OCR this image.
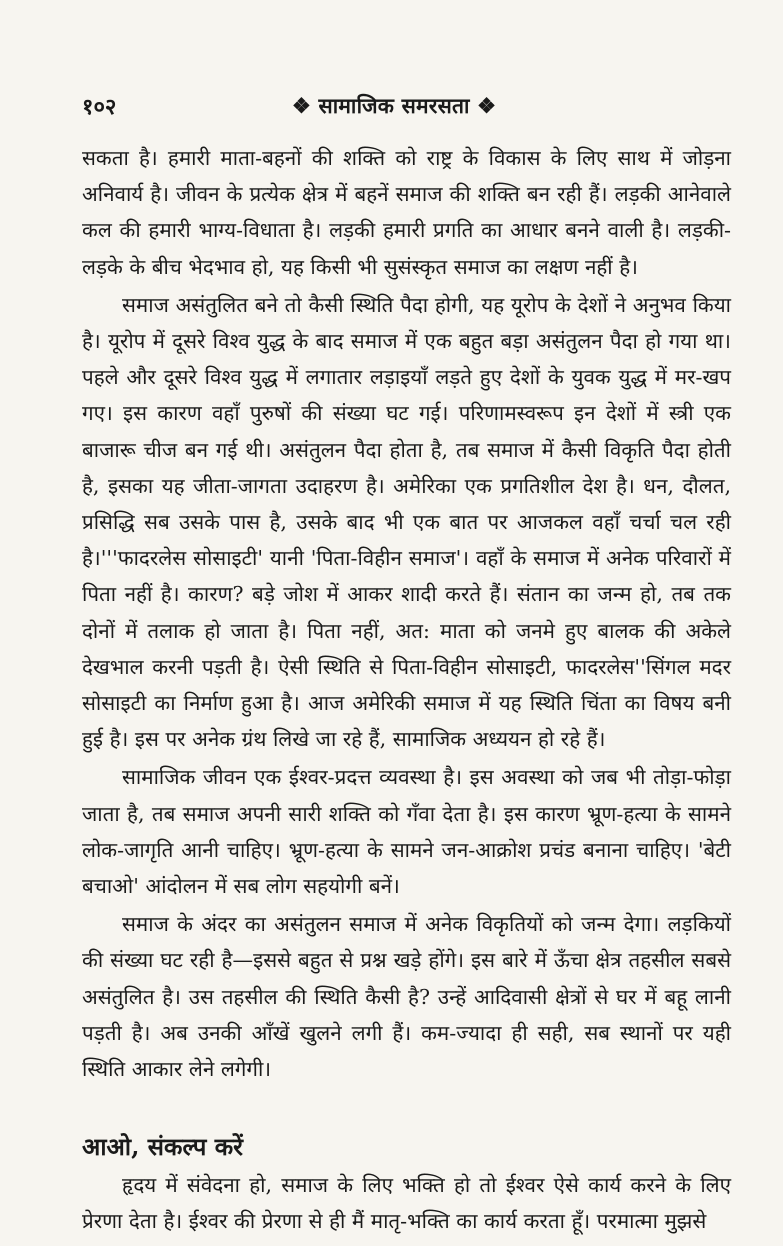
१०२	❖ सामाजिक समरसता ❖

सकता है। हमारी माता-बहनों की शक्ति को राष्ट्र के विकास के लिए साथ में जोड़ना अनिवार्य है। जीवन के प्रत्येक क्षेत्र में बहनें समाज की शक्ति बन रही हैं। लड़की आनेवाले कल की हमारी भाग्य-विधाता है। लड़की हमारी प्रगति का आधार बनने वाली है। लड़की-लड़के के बीच भेदभाव हो, यह किसी भी सुसंस्कृत समाज का लक्षण नहीं है।

समाज असंतुलित बने तो कैसी स्थिति पैदा होगी, यह यूरोप के देशों ने अनुभव किया है। यूरोप में दूसरे विश्व युद्ध के बाद समाज में एक बहुत बड़ा असंतुलन पैदा हो गया था। पहले और दूसरे विश्व युद्ध में लगातार लड़ाइयाँ लड़ते हुए देशों के युवक युद्ध में मर-खप गए। इस कारण वहाँ पुरुषों की संख्या घट गई। परिणामस्वरूप इन देशों में स्त्री एक बाजारू चीज बन गई थी। असंतुलन पैदा होता है, तब समाज में कैसी विकृति पैदा होती है, इसका यह जीता-जागता उदाहरण है। अमेरिका एक प्रगतिशील देश है। धन, दौलत, प्रसिद्धि सब उसके पास है, उसके बाद भी एक बात पर आजकल वहाँ चर्चा चल रही है।'''फादरलेस सोसाइटी' यानी 'पिता-विहीन समाज'। वहाँ के समाज में अनेक परिवारों में पिता नहीं है। कारण? बड़े जोश में आकर शादी करते हैं। संतान का जन्म हो, तब तक दोनों में तलाक हो जाता है। पिता नहीं, अत: माता को जनमे हुए बालक की अकेले देखभाल करनी पड़ती है। ऐसी स्थिति से पिता-विहीन सोसाइटी, फादरलेस''सिंगल मदर सोसाइटी का निर्माण हुआ है। आज अमेरिकी समाज में यह स्थिति चिंता का विषय बनी हुई है। इस पर अनेक ग्रंथ लिखे जा रहे हैं, सामाजिक अध्ययन हो रहे हैं।

सामाजिक जीवन एक ईश्वर-प्रदत्त व्यवस्था है। इस अवस्था को जब भी तोड़ा-फोड़ा जाता है, तब समाज अपनी सारी शक्ति को गँवा देता है। इस कारण भ्रूण-हत्या के सामने लोक-जागृति आनी चाहिए। भ्रूण-हत्या के सामने जन-आक्रोश प्रचंड बनाना चाहिए। 'बेटी बचाओ' आंदोलन में सब लोग सहयोगी बनें।

समाज के अंदर का असंतुलन समाज में अनेक विकृतियों को जन्म देगा। लड़कियों की संख्या घट रही है—इससे बहुत से प्रश्न खड़े होंगे। इस बारे में ऊँचा क्षेत्र तहसील सबसे असंतुलित है। उस तहसील की स्थिति कैसी है? उन्हें आदिवासी क्षेत्रों से घर में बहू लानी पड़ती है। अब उनकी आँखें खुलने लगी हैं। कम-ज्यादा ही सही, सब स्थानों पर यही स्थिति आकार लेने लगेगी।

आओ, संकल्प करें

हृदय में संवेदना हो, समाज के लिए भक्ति हो तो ईश्वर ऐसे कार्य करने के लिए प्रेरणा देता है। ईश्वर की प्रेरणा से ही मैं मातृ-भक्ति का कार्य करता हूँ। परमात्मा मुझसे
